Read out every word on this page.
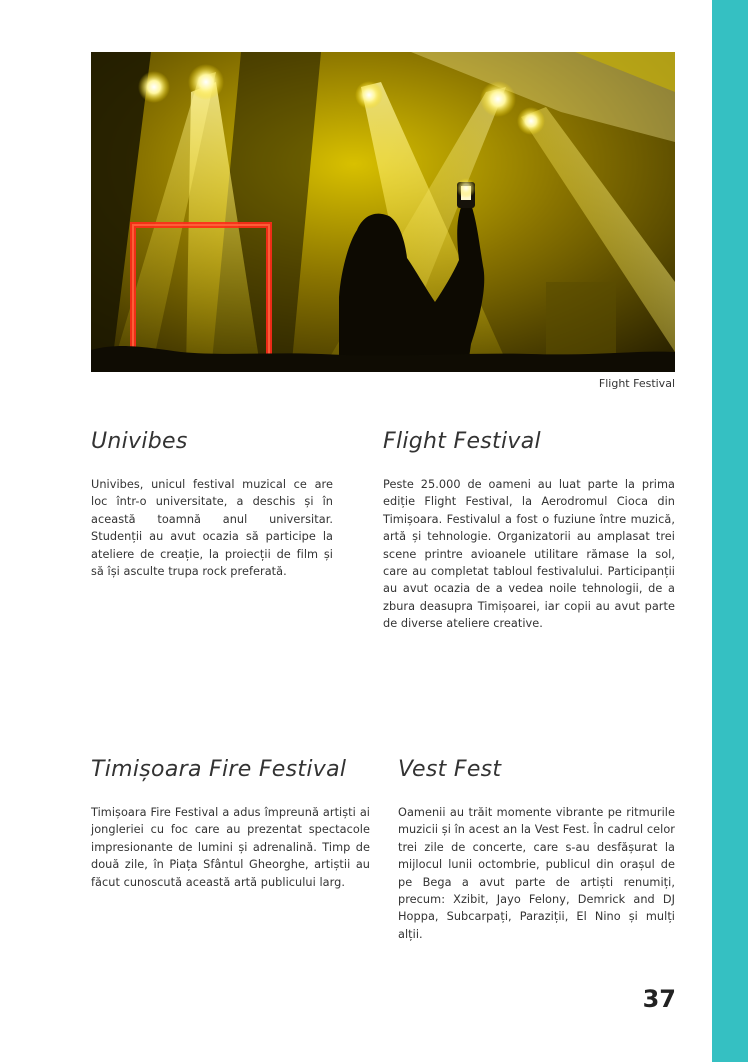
Flight Festival
Univibes

Univibes, unicul festival muzical ce are loc într-o universitate, a deschis și în această toamnă anul universitar. Studenții au avut ocazia să participe la ateliere de creație, la proiecții de film și să își asculte trupa rock preferată.

Flight Festival

Peste 25.000 de oameni au luat parte la prima ediție Flight Festival, la Aerodromul Cioca din Timișoara. Festivalul a fost o fuziune între muzică, artă și tehnologie. Organizatorii au amplasat trei scene printre avioanele utilitare rămase la sol, care au completat tabloul festivalului. Participanții au avut ocazia de a vedea noile tehnologii, de a zbura deasupra Timișoarei, iar copii au avut parte de diverse ateliere creative.

Timișoara Fire Festival

Timișoara Fire Festival a adus împreună artiști ai jongleriei cu foc care au prezentat spectacole impresionante de lumini și adrenalină. Timp de două zile, în Piața Sfântul Gheorghe, artiștii au făcut cunoscută această artă publicului larg.

Vest Fest

Oamenii au trăit momente vibrante pe ritmurile muzicii și în acest an la Vest Fest. În cadrul celor trei zile de concerte, care s-au desfășurat la mijlocul lunii octombrie, publicul din orașul de pe Bega a avut parte de artiști renumiți, precum: Xzibit, Jayo Felony, Demrick and DJ Hoppa, Subcarpați, Paraziții, El Nino și mulți alții.

37
